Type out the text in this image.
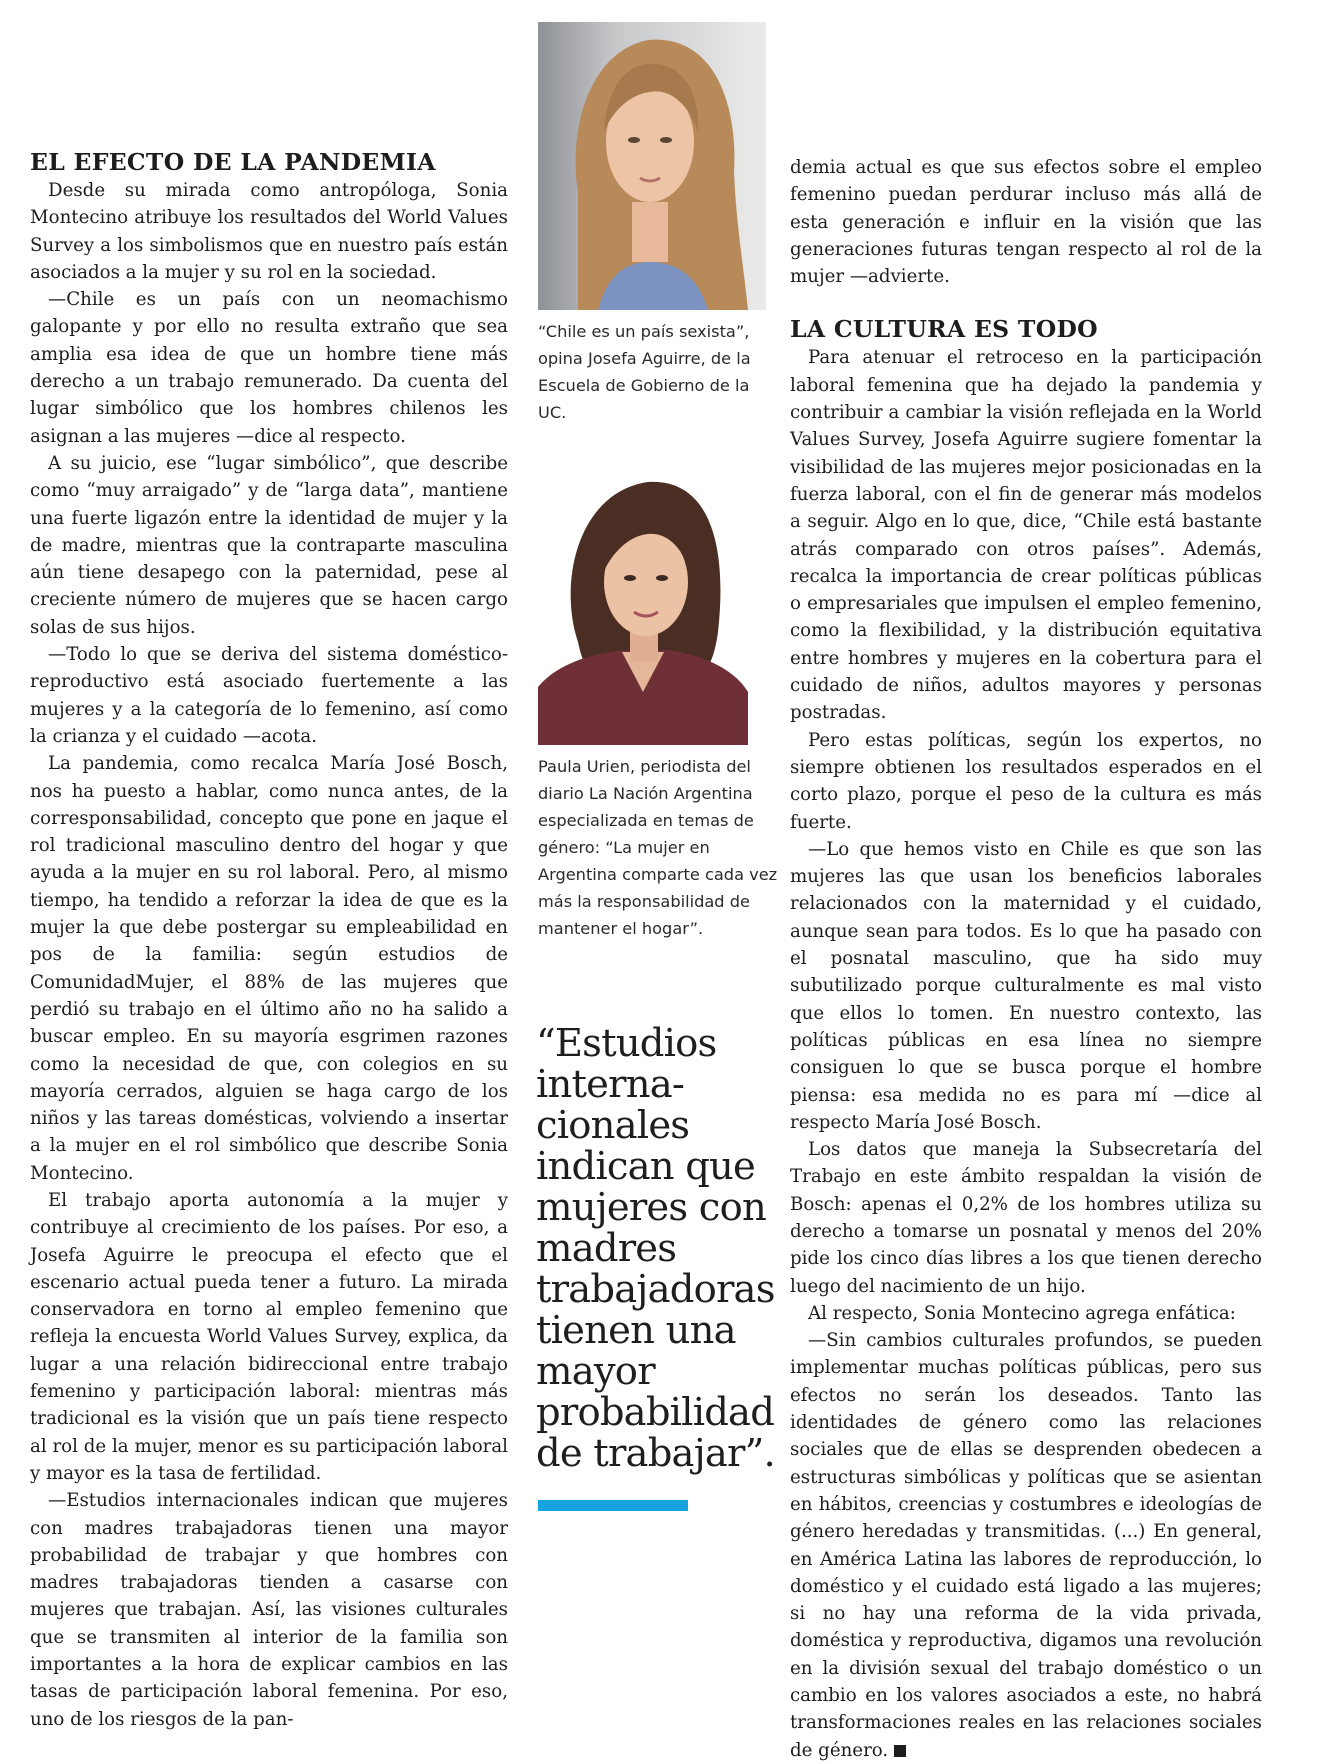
EL EFECTO DE LA PANDEMIA

Desde su mirada como antropóloga, Sonia Montecino atribuye los resultados del World Values Survey a los simbolismos que en nuestro país están asociados a la mujer y su rol en la sociedad.

—Chile es un país con un neomachismo galopante y por ello no resulta extraño que sea amplia esa idea de que un hombre tiene más derecho a un trabajo remunerado. Da cuenta del lugar simbólico que los hombres chilenos les asignan a las mujeres —dice al respecto.

A su juicio, ese “lugar simbólico”, que describe como “muy arraigado” y de “larga data”, mantiene una fuerte ligazón entre la identidad de mujer y la de madre, mientras que la contraparte masculina aún tiene desapego con la paternidad, pese al creciente número de mujeres que se hacen cargo solas de sus hijos.

—Todo lo que se deriva del sistema doméstico-reproductivo está asociado fuertemente a las mujeres y a la categoría de lo femenino, así como la crianza y el cuidado —acota.

La pandemia, como recalca María José Bosch, nos ha puesto a hablar, como nunca antes, de la corresponsabilidad, concepto que pone en jaque el rol tradicional masculino dentro del hogar y que ayuda a la mujer en su rol laboral. Pero, al mismo tiempo, ha tendido a reforzar la idea de que es la mujer la que debe postergar su empleabilidad en pos de la familia: según estudios de ComunidadMujer, el 88% de las mujeres que perdió su trabajo en el último año no ha salido a buscar empleo. En su mayoría esgrimen razones como la necesidad de que, con colegios en su mayoría cerrados, alguien se haga cargo de los niños y las tareas domésticas, volviendo a insertar a la mujer en el rol simbólico que describe Sonia Montecino.

El trabajo aporta autonomía a la mujer y contribuye al crecimiento de los países. Por eso, a Josefa Aguirre le preocupa el efecto que el escenario actual pueda tener a futuro. La mirada conservadora en torno al empleo femenino que refleja la encuesta World Values Survey, explica, da lugar a una relación bidireccional entre trabajo femenino y participación laboral: mientras más tradicional es la visión que un país tiene respecto al rol de la mujer, menor es su participación laboral y mayor es la tasa de fertilidad.

—Estudios internacionales indican que mujeres con madres trabajadoras tienen una mayor probabilidad de trabajar y que hombres con madres trabajadoras tienden a casarse con mujeres que trabajan. Así, las visiones culturales que se transmiten al interior de la familia son importantes a la hora de explicar cambios en las tasas de participación laboral femenina. Por eso, uno de los riesgos de la pan-

“Chile es un país sexista”, opina Josefa Aguirre, de la Escuela de Gobierno de la UC.
Paula Urien, periodista del diario La Nación Argentina especializada en temas de género: “La mujer en Argentina comparte cada vez más la responsabilidad de mantener el hogar”.

“Estudios

interna-

cionales

indican que

mujeres con

madres

trabajadoras

tienen una

mayor

probabilidad

de trabajar”.

demia actual es que sus efectos sobre el empleo femenino puedan perdurar incluso más allá de esta generación e influir en la visión que las generaciones futuras tengan respecto al rol de la mujer —advierte.

LA CULTURA ES TODO

Para atenuar el retroceso en la participación laboral femenina que ha dejado la pandemia y contribuir a cambiar la visión reflejada en la World Values Survey, Josefa Aguirre sugiere fomentar la visibilidad de las mujeres mejor posicionadas en la fuerza laboral, con el fin de generar más modelos a seguir. Algo en lo que, dice, “Chile está bastante atrás comparado con otros países”. Además, recalca la importancia de crear políticas públicas o empresariales que impulsen el empleo femenino, como la flexibilidad, y la distribución equitativa entre hombres y mujeres en la cobertura para el cuidado de niños, adultos mayores y personas postradas.

Pero estas políticas, según los expertos, no siempre obtienen los resultados esperados en el corto plazo, porque el peso de la cultura es más fuerte.

—Lo que hemos visto en Chile es que son las mujeres las que usan los beneficios laborales relacionados con la maternidad y el cuidado, aunque sean para todos. Es lo que ha pasado con el posnatal masculino, que ha sido muy subutilizado porque culturalmente es mal visto que ellos lo tomen. En nuestro contexto, las políticas públicas en esa línea no siempre consiguen lo que se busca porque el hombre piensa: esa medida no es para mí —dice al respecto María José Bosch.

Los datos que maneja la Subsecretaría del Trabajo en este ámbito respaldan la visión de Bosch: apenas el 0,2% de los hombres utiliza su derecho a tomarse un posnatal y menos del 20% pide los cinco días libres a los que tienen derecho luego del nacimiento de un hijo.

Al respecto, Sonia Montecino agrega enfática:

—Sin cambios culturales profundos, se pueden implementar muchas políticas públicas, pero sus efectos no serán los deseados. Tanto las identidades de género como las relaciones sociales que de ellas se desprenden obedecen a estructuras simbólicas y políticas que se asientan en hábitos, creencias y costumbres e ideologías de género heredadas y transmitidas. (...) En general, en América Latina las labores de reproducción, lo doméstico y el cuidado está ligado a las mujeres; si no hay una reforma de la vida privada, doméstica y reproductiva, digamos una revolución en la división sexual del trabajo doméstico o un cambio en los valores asociados a este, no habrá transformaciones reales en las relaciones sociales de género.
